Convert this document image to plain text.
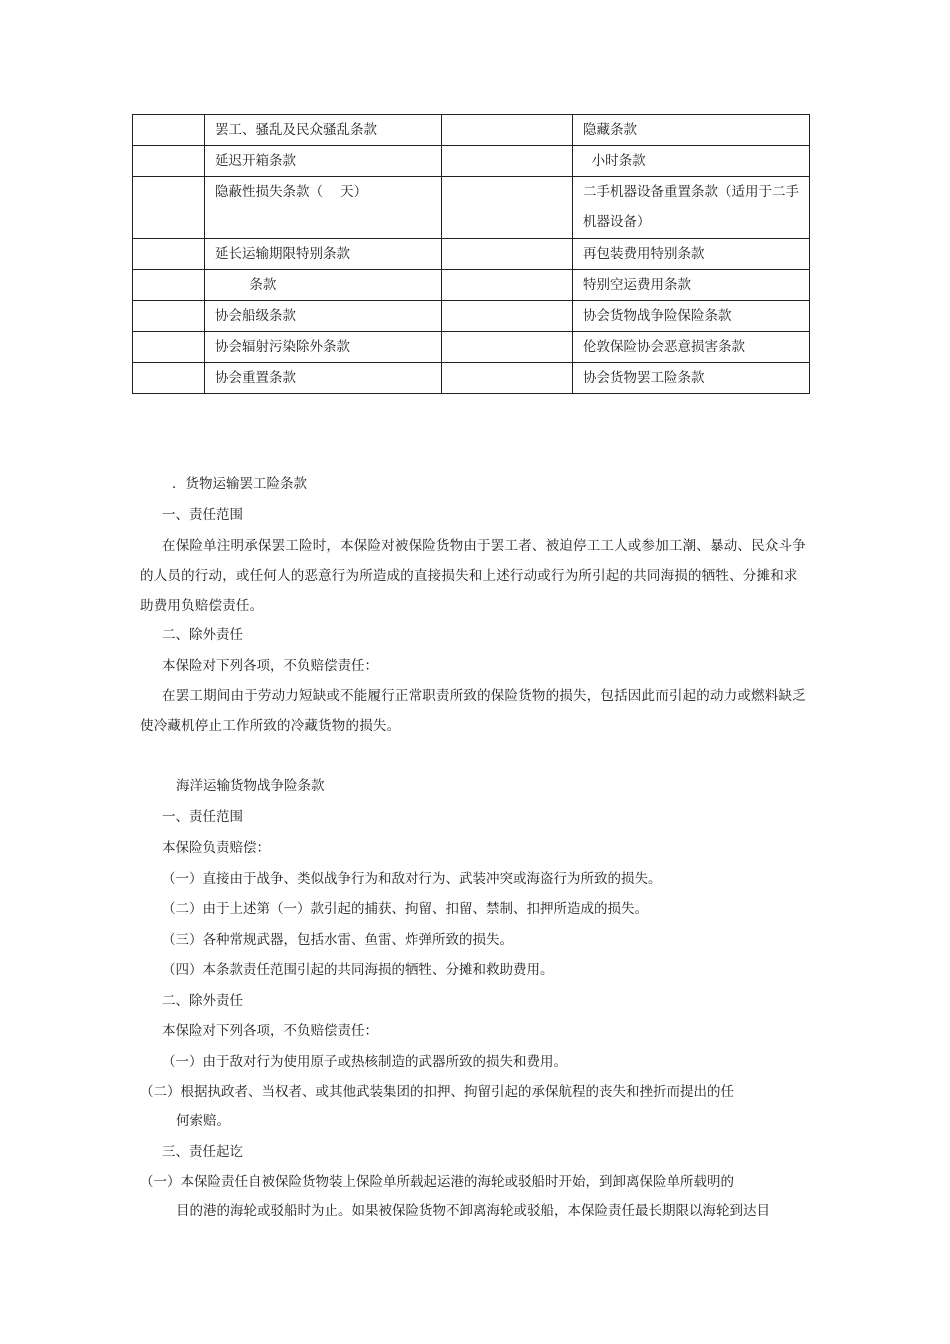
	罢工、骚乱及民众骚乱条款		隐藏条款
	延迟开箱条款		小时条款
	隐蔽性损失条款（    天）		二手机器设备重置条款（适用于二手机器设备）
	延长运输期限特别条款		再包装费用特别条款
	条款		特别空运费用条款
	协会船级条款		协会货物战争险保险条款
	协会辐射污染除外条款		伦敦保险协会恶意损害条款
	协会重置条款		协会货物罢工险条款
．货物运输罢工险条款
一、责任范围
在保险单注明承保罢工险时，本保险对被保险货物由于罢工者、被迫停工工人或参加工潮、暴动、民众斗争的人员的行动，或任何人的恶意行为所造成的直接损失和上述行动或行为所引起的共同海损的牺牲、分摊和求助费用负赔偿责任。
二、除外责任
本保险对下列各项，不负赔偿责任：
在罢工期间由于劳动力短缺或不能履行正常职责所致的保险货物的损失，包括因此而引起的动力或燃料缺乏使冷藏机停止工作所致的冷藏货物的损失。
海洋运输货物战争险条款
一、责任范围
本保险负责赔偿：
（一）直接由于战争、类似战争行为和敌对行为、武装冲突或海盗行为所致的损失。
（二）由于上述第（一）款引起的捕获、拘留、扣留、禁制、扣押所造成的损失。
（三）各种常规武器，包括水雷、鱼雷、炸弹所致的损失。
（四）本条款责任范围引起的共同海损的牺牲、分摊和救助费用。
二、除外责任
本保险对下列各项，不负赔偿责任：
（一）由于敌对行为使用原子或热核制造的武器所致的损失和费用。
（二）根据执政者、当权者、或其他武装集团的扣押、拘留引起的承保航程的丧失和挫折而提出的任
何索赔。
三、责任起讫
（一）本保险责任自被保险货物装上保险单所载起运港的海轮或驳船时开始，到卸离保险单所载明的
目的港的海轮或驳船时为止。如果被保险货物不卸离海轮或驳船，本保险责任最长期限以海轮到达目
